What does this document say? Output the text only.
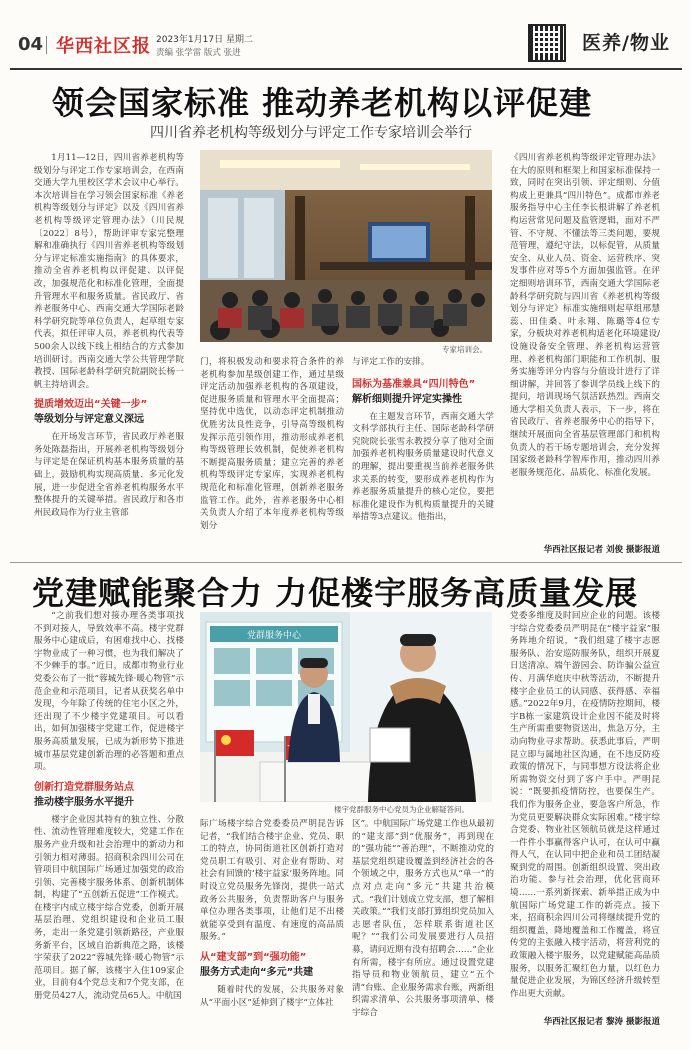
04 华西社区报 2023年1月17日 星期二
责编 张学雷 版式 张进	医养/物业
领会国家标准 推动养老机构以评促建
四川省养老机构等级划分与评定工作专家培训会举行
专家培训会。

1月11—12日，四川省养老机构等级划分与评定工作专家培训会，在西南交通大学九里校区学术会议中心举行。本次培训旨在学习领会国家标准《养老机构等级划分与评定》以及《四川省养老机构等级评定管理办法》（川民规〔2022〕8号），帮助评审专家完整理解和准确执行《四川省养老机构等级划分与评定标准实施指南》的具体要求，推动全省养老机构以评促建、以评促改，加强规范化和标准化管理，全面提升管理水平和服务质量。省民政厅、省养老服务中心、西南交通大学国际老龄科学研究院等单位负责人，起草组专家代表，拟任评审人员，养老机构代表等500余人以线下线上相结合的方式参加培训研讨。西南交通大学公共管理学院教授、国际老龄科学研究院副院长杨一帆主持培训会。

提质增效迈出“关键一步”
等级划分与评定意义深远

在开场发言环节，省民政厅养老服务处陈磊指出，开展养老机构等级划分与评定是在保证机构基本服务质量的基础上，鼓励机构实现高质量、多元化发展，进一步促进全省养老机构服务水平整体提升的关键举措。省民政厅和各市州民政局作为行业主管部

门，将积极发动和要求符合条件的养老机构参加星级创建工作，通过星级评定活动加强养老机构的各项建设，促进服务质量和管理水平全面提高；坚持优中选优，以动态评定机制推动优胜劣汰良性竞争，引导高等级机构发挥示范引领作用，推动形成养老机构等级管理长效机制，促使养老机构不断提高服务质量；建立完善的养老机构等级评定专家库，实现养老机构规范化和标准化管理，创新养老服务监管工作。此外，省养老服务中心相关负责人介绍了本年度养老机构等级划分

与评定工作的安排。

国标为基准兼具“四川特色”
解析细则提升评定实操性

在主题发言环节，西南交通大学文科学部执行主任、国际老龄科学研究院院长张雪永教授分享了他对全面加强养老机构服务质量建设时代意义的理解，提出要重视当前养老服务供求关系的转变，要形成养老机构作为养老服务质量提升的核心定位，要把标准化建设作为机构质量提升的关键举措等3点建议。他指出，

《四川省养老机构等级评定管理办法》在大的原则和框架上和国家标准保持一致，同时在突出引领、评定细则、分值构成上更兼具“四川特色”。成都市养老服务指导中心主任李长根讲解了养老机构运营常见问题及监管逻辑，面对不严管、不守规、不懂法等三类问题，要规范管理，遵纪守法，以标促管，从质量安全、从业人员、资金、运营秩序、突发事件应对等5个方面加强监管。在评定细则培训环节，西南交通大学国际老龄科学研究院与四川省《养老机构等级划分与评定》标准实施细则起草组邢慧蕊、田佳桑、叶永翔、陈璐等4位专家，分板块对养老机构适老化环境建设/设施设备安全管理、养老机构运营管理、养老机构部门职能和工作机制、服务实施等评分内容与分值设计进行了详细讲解，并回答了参训学员线上线下的提问，培训现场气氛活跃热烈。西南交通大学相关负责人表示，下一步，将在省民政厅、省养老服务中心的指导下，继续开展面向全省基层管理部门和机构负责人的若干场专题培训会，充分发挥国家级老龄科学智库作用，推动四川养老服务规范化、品质化、标准化发展。

华西社区报记者 刘俊 摄影报道
党建赋能聚合力 力促楼宇服务高质量发展
党群服务中心
楼宇党群服务中心党员为企业解疑答问。

“之前我们想对接办理各类事项找不到对接人，导致效率不高。楼宇党群服务中心建成后，有困难找中心、找楼宇物业成了一种习惯，也为我们解决了不少棘手的事。”近日，成都市物业行业党委公布了一批“蓉城先锋·暖心物管”示范企业和示范项目，记者从获奖名单中发现，今年除了传统的住宅小区之外，还出现了不少楼宇党建项目。可以看出，如何加强楼宇党建工作，促进楼宇服务高质量发展，已成为新形势下推进城市基层党建创新治理的必答题和重点项。

创新打造党群服务站点
推动楼宇服务水平提升

楼宇企业因其特有的独立性、分散性、流动性管理难度较大，党建工作在服务产业升级和社会治理中的新动力和引领力相对薄弱。招商积余四川公司在管项目中航国际广场通过加强党的政治引领、完善楼宇服务体系、创新机制体制，构建了“五创新五促进”工作模式。在楼宇内成立楼宇综合党委，创新开展基层治理、党组织建设和企业员工服务，走出一条党建引领新路径，产业服务新平台，区域自治新典范之路，该楼宇荣获了2022“蓉城先锋·暖心物管”示范项目。据了解，该楼宇入住109家企业，目前有4个党总支和7个党支部，在册党员427人，流动党员65人。中航国

际广场楼宇综合党委委员严明昆告诉记者，“我们结合楼宇企业、党员、职工的特点，协同街道社区创新打造对党员职工有吸引、对企业有帮助、对社会有回馈的‘楼宇益家’服务阵地。同时设立党员服务先锋岗，提供一站式政务公共服务，负责帮助客户与服务单位办理各类事项，让他们足不出楼就能享受到有温度、有速度的高品质服务。”

从“建支部”到“强功能”
服务方式走向“多元”共建

随着时代的发展，公共服务对象从“平面小区”延伸到了楼宇“立体社

区”。中航国际广场党建工作也从最初的“建支部”到“优服务”，再到现在的“强功能”“善治理”，不断推动党的基层党组织建设覆盖到经济社会的各个领域之中，服务方式也从“单一”的点对点走向“多元”共建共治模式。“我们计划成立党支部，想了解相关政策。”“我们支部打算组织党员加入志愿者队伍，怎样联系街道社区呢？”“我们公司发展要进行人员招募，请问近期有没有招聘会……”企业有所需，楼宇有所应。通过设置党建指导员和物业领航员，建立“五个清”台账、企业服务需求台账，两新组织需求清单、公共服务事项清单、楼宇综合

党委多维度及时回应企业的问题。该楼宇综合党委委员严明昆在“楼宇益家”服务阵地介绍说，“我们组建了楼宇志愿服务队、治安巡防服务队，组织开展夏日送清凉、端午游园会、防诈骗公益宣传、月满华庭庆中秋等活动，不断提升楼宇企业员工的认同感、获得感、幸福感。”2022年9月，在疫情防控期间，楼宇B栋一家建筑设计企业因不能及时将生产所需重要物资送出，焦急万分，主动向物业寻求帮助。获悉此事后，严明昆立即与属地社区沟通，在不违反防疫政策的情况下，与同事想方设法将企业所需物资交付到了客户手中。严明昆说：“既要抓疫情防控，也要保生产。我们作为服务企业，要急客户所急，作为党员更要解决群众实际困难。”楼宇综合党委、物业社区领航员就是这样通过一件件小事赢得客户认可，在认可中赢得人气，在认同中把企业和员工团结凝聚到党的周围。创新组织设置、突出政治功能、参与社会治理，优化营商环境……一系列新探索、新举措正成为中航国际广场党建工作的新亮点。接下来，招商积余四川公司将继续提升党的组织覆盖，降地覆盖和工作覆盖，将宣传党的主张融入楼宇活动，将营利党的政策融入楼宇服务，以党建赋能高品质服务，以服务汇聚红色力量，以红色力量促进企业发展，为锦区经济升级转型作出更大贡献。

华西社区报记者 黎涛 摄影报道
